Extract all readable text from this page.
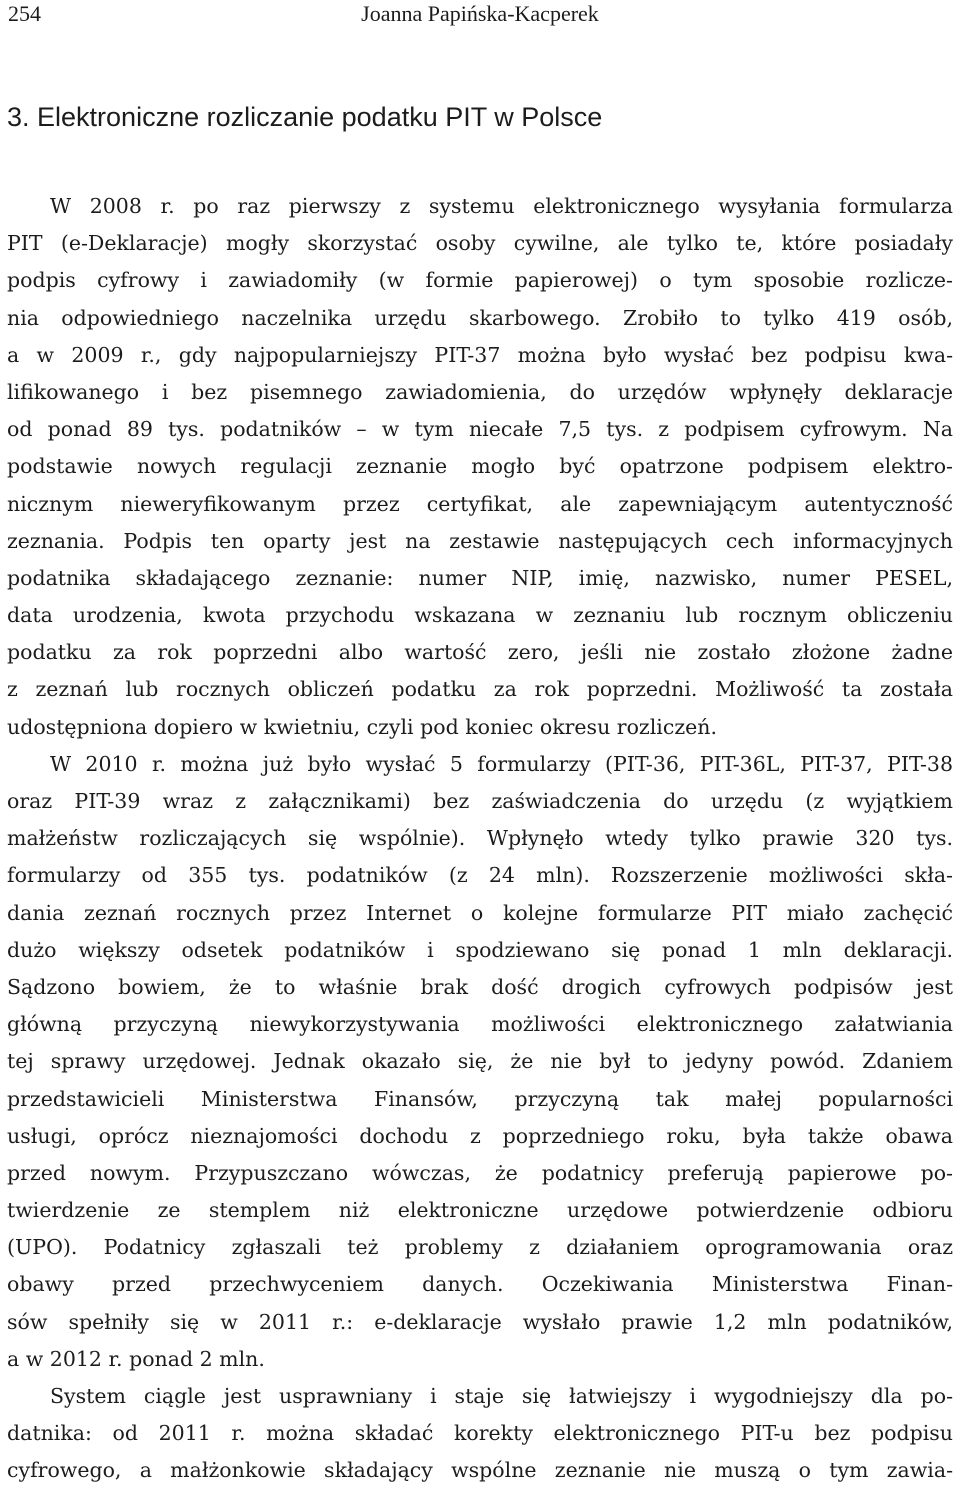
254	Joanna Papińska-Kacperek
3. Elektroniczne rozliczanie podatku PIT w Polsce
W 2008 r. po raz pierwszy z systemu elektronicznego wysyłania formularza
PIT (e-Deklaracje) mogły skorzystać osoby cywilne, ale tylko te, które posiadały
podpis cyfrowy i zawiadomiły (w formie papierowej) o tym sposobie rozlicze-
nia odpowiedniego naczelnika urzędu skarbowego. Zrobiło to tylko 419 osób,
a w 2009 r., gdy najpopularniejszy PIT-37 można było wysłać bez podpisu kwa-
lifikowanego i bez pisemnego zawiadomienia, do urzędów wpłynęły deklaracje
od ponad 89 tys. podatników – w tym niecałe 7,5 tys. z podpisem cyfrowym. Na
podstawie nowych regulacji zeznanie mogło być opatrzone podpisem elektro-
nicznym nieweryfikowanym przez certyfikat, ale zapewniającym autentyczność
zeznania. Podpis ten oparty jest na zestawie następujących cech informacyjnych
podatnika składającego zeznanie: numer NIP, imię, nazwisko, numer PESEL,
data urodzenia, kwota przychodu wskazana w zeznaniu lub rocznym obliczeniu
podatku za rok poprzedni albo wartość zero, jeśli nie zostało złożone żadne
z zeznań lub rocznych obliczeń podatku za rok poprzedni. Możliwość ta została
udostępniona dopiero w kwietniu, czyli pod koniec okresu rozliczeń.
W 2010 r. można już było wysłać 5 formularzy (PIT-36, PIT-36L, PIT-37, PIT-38
oraz PIT-39 wraz z załącznikami) bez zaświadczenia do urzędu (z wyjątkiem
małżeństw rozliczających się wspólnie). Wpłynęło wtedy tylko prawie 320 tys.
formularzy od 355 tys. podatników (z 24 mln). Rozszerzenie możliwości skła-
dania zeznań rocznych przez Internet o kolejne formularze PIT miało zachęcić
dużo większy odsetek podatników i spodziewano się ponad 1 mln deklaracji.
Sądzono bowiem, że to właśnie brak dość drogich cyfrowych podpisów jest
główną przyczyną niewykorzystywania możliwości elektronicznego załatwiania
tej sprawy urzędowej. Jednak okazało się, że nie był to jedyny powód. Zdaniem
przedstawicieli Ministerstwa Finansów, przyczyną tak małej popularności
usługi, oprócz nieznajomości dochodu z poprzedniego roku, była także obawa
przed nowym. Przypuszczano wówczas, że podatnicy preferują papierowe po-
twierdzenie ze stemplem niż elektroniczne urzędowe potwierdzenie odbioru
(UPO). Podatnicy zgłaszali też problemy z działaniem oprogramowania oraz
obawy przed przechwyceniem danych. Oczekiwania Ministerstwa Finan-
sów spełniły się w 2011 r.: e-deklaracje wysłało prawie 1,2 mln podatników,
a w 2012 r. ponad 2 mln.
System ciągle jest usprawniany i staje się łatwiejszy i wygodniejszy dla po-
datnika: od 2011 r. można składać korekty elektronicznego PIT-u bez podpisu
cyfrowego, a małżonkowie składający wspólne zeznanie nie muszą o tym zawia-
